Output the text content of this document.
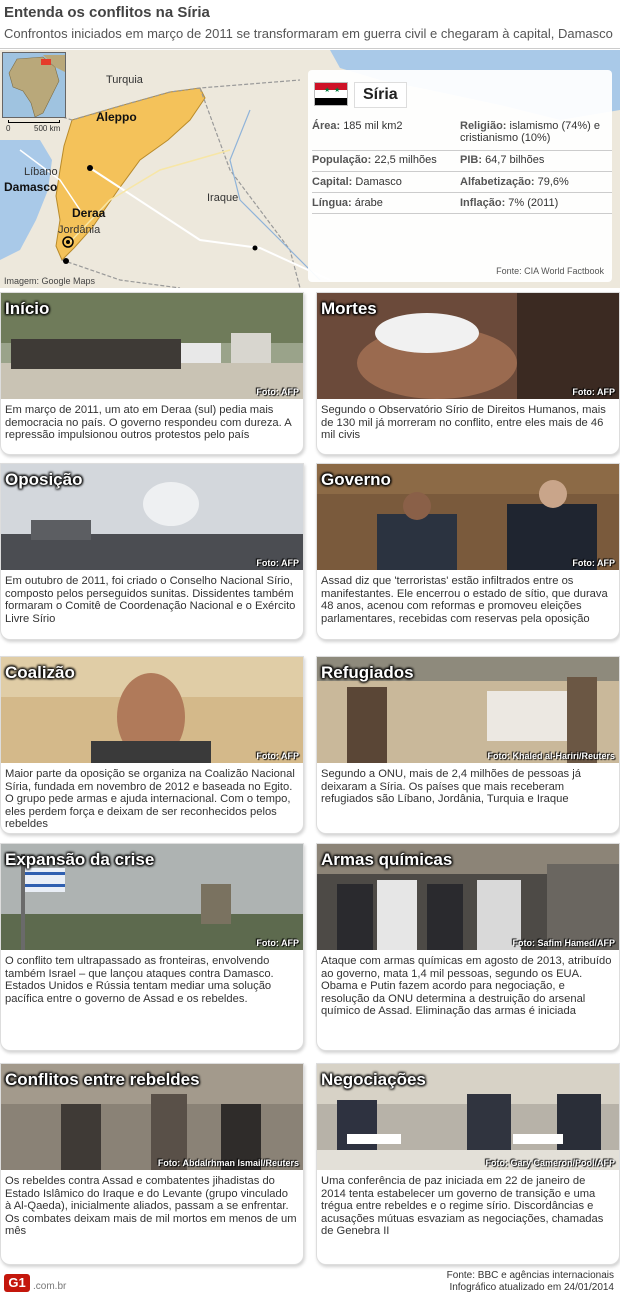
Entenda os conflitos na Síria
Confrontos iniciados em março de 2011 se transformaram em guerra civil e chegaram à capital, Damasco
0	500 km
Turquia
Aleppo
Líbano
Damasco
Deraa
Jordânia
Iraque
Imagem: Google Maps
★ ★	Síria
Área: 185 mil km2	Religião: islamismo (74%) e cristianismo (10%)
População: 22,5 milhões PIB: 64,7 bilhões
Capital: Damasco	Alfabetização: 79,6%
Língua: árabe	Inflação: 7% (2011)
Fonte: CIA World Factbook
Início
Foto: AFP
Em março de 2011, um ato em Deraa (sul) pedia mais democracia no país. O governo respondeu com dureza. A repressão impulsionou outros protestos pelo país
Mortes
Foto: AFP
Segundo o Observatório Sírio de Direitos Humanos, mais de 130 mil já morreram no conflito, entre eles mais de 46 mil civis
Oposição
Foto: AFP
Em outubro de 2011, foi criado o Conselho Nacional Sírio, composto pelos perseguidos sunitas. Dissidentes também formaram o Comitê de Coordenação Nacional e o Exército Livre Sírio
Governo
Foto: AFP
Assad diz que 'terroristas' estão infiltrados entre os manifestantes. Ele encerrou o estado de sítio, que durava 48 anos, acenou com reformas e promoveu eleições parlamentares, recebidas com reservas pela oposição
Coalizão
Foto: AFP
Maior parte da oposição se organiza na Coalizão Nacional Síria, fundada em novembro de 2012 e baseada no Egito. O grupo pede armas e ajuda internacional. Com o tempo, eles perdem força e deixam de ser reconhecidos pelos rebeldes
Refugiados
Foto: Khaled al-Hariri/Reuters
Segundo a ONU, mais de 2,4 milhões de pessoas já deixaram a Síria. Os países que mais receberam refugiados são Líbano, Jordânia, Turquia e Iraque
Expansão da crise
Foto: AFP
O conflito tem ultrapassado as fronteiras, envolvendo também Israel – que lançou ataques contra Damasco. Estados Unidos e Rússia tentam mediar uma solução pacífica entre o governo de Assad e os rebeldes.
Armas químicas
Foto: Safim Hamed/AFP
Ataque com armas químicas em agosto de 2013, atribuído ao governo, mata 1,4 mil pessoas, segundo os EUA. Obama e Putin fazem acordo para negociação, e resolução da ONU determina a destruição do arsenal químico de Assad. Eliminação das armas é iniciada
Conflitos entre rebeldes
Foto: Abdalrhman Ismail/Reuters
Os rebeldes contra Assad e combatentes jihadistas do Estado Islâmico do Iraque e do Levante (grupo vinculado à Al-Qaeda), inicialmente aliados, passam a se enfrentar. Os combates deixam mais de mil mortos em menos de um mês
Negociações
Foto: Gary Cameron/Pool/AFP
Uma conferência de paz iniciada em 22 de janeiro de 2014 tenta estabelecer um governo de transição e uma trégua entre rebeldes e o regime sírio. Discordâncias e acusações mútuas esvaziam as negociações, chamadas de Genebra II
G1 .com.br
Fonte: BBC e agências internacionais
Infográfico atualizado em 24/01/2014
